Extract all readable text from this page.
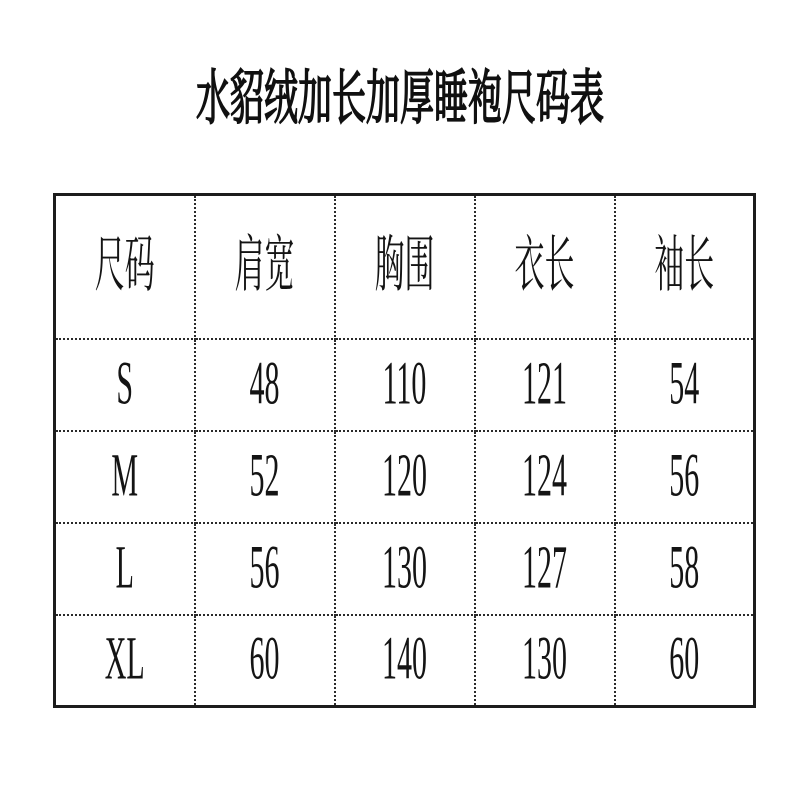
水貂绒加长加厚睡袍尺码表
尺码	肩宽	胸围	衣长	袖长
S	48	110	121	54
M	52	120	124	56
L	56	130	127	58
XL	60	140	130	60
